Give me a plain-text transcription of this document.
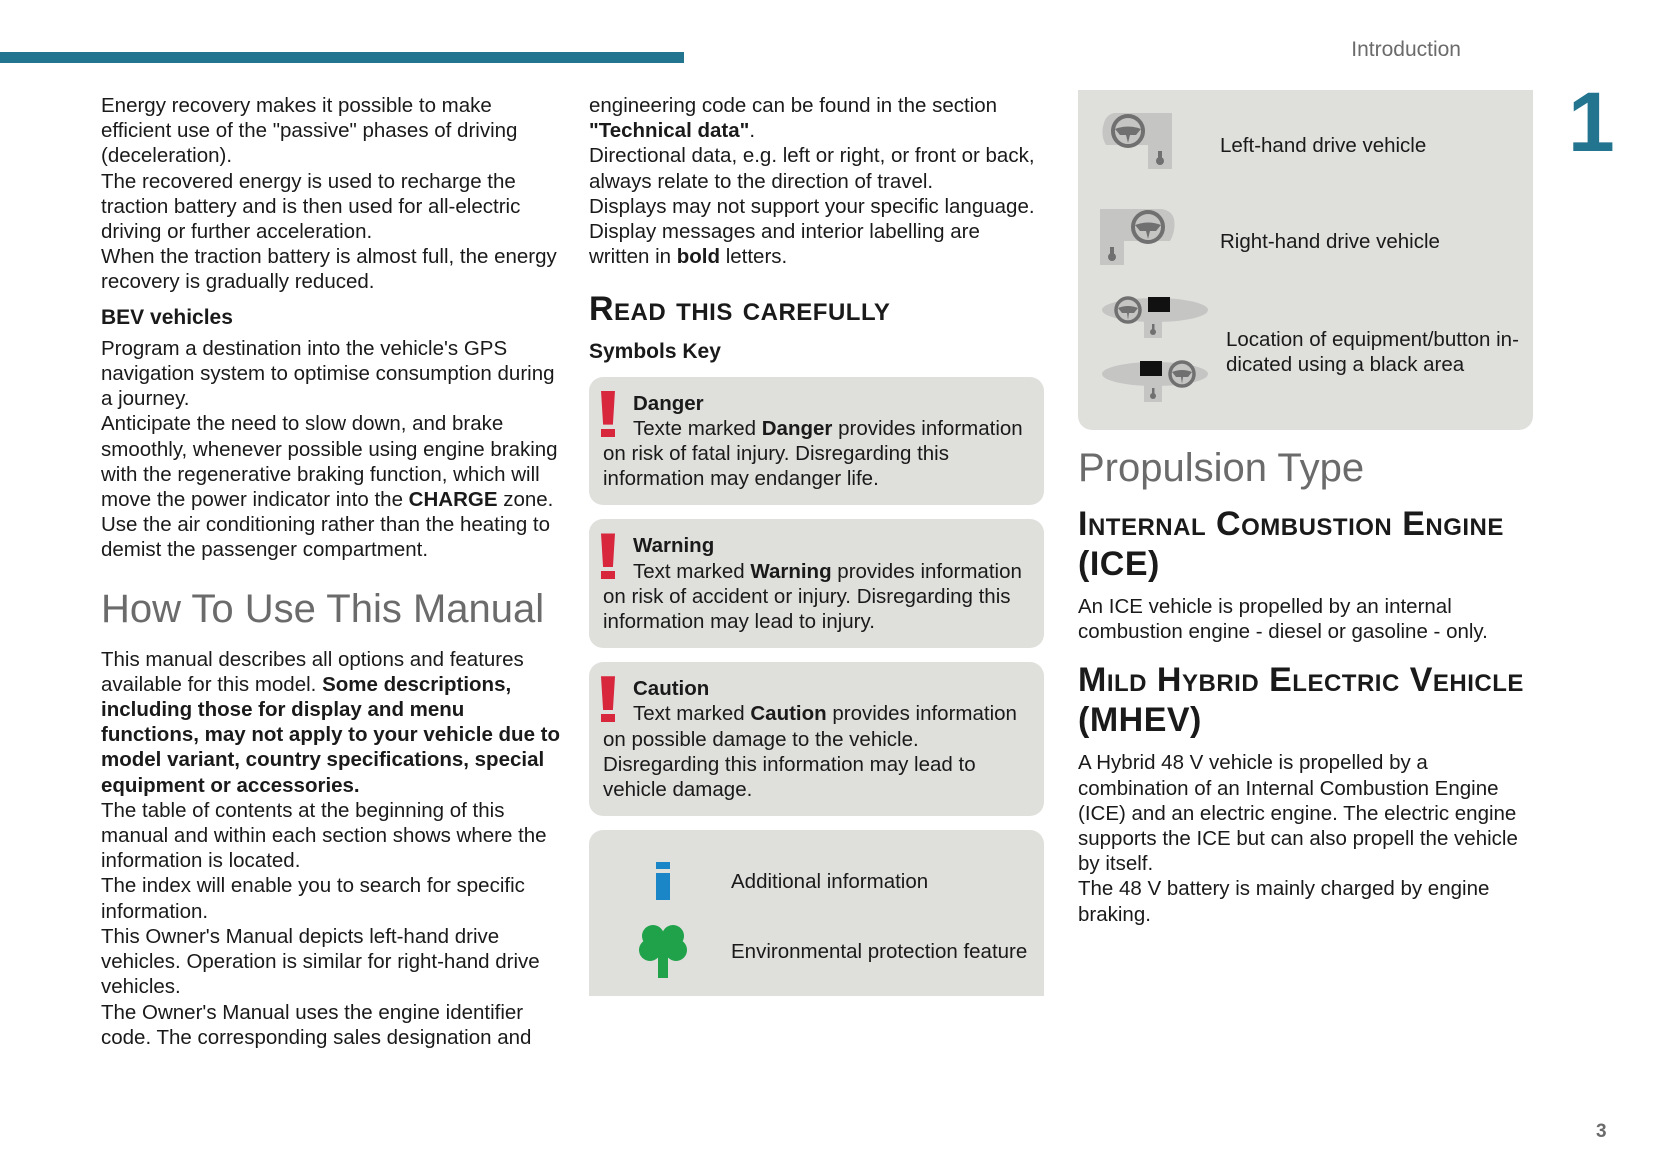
Introduction
1
3

Energy recovery makes it possible to make efficient use of the "passive" phases of driving (deceleration).

The recovered energy is used to recharge the traction battery and is then used for all-electric driving or further acceleration.

When the traction battery is almost full, the energy recovery is gradually reduced.

BEV vehicles

Program a destination into the vehicle's GPS navigation system to optimise consumption during a journey.

Anticipate the need to slow down, and brake smoothly, whenever possible using engine braking with the regenerative braking function, which will move the power indicator into the CHARGE zone.

Use the air conditioning rather than the heating to demist the passenger compartment.

How To Use This Manual

This manual describes all options and features available for this model. Some descriptions, including those for display and menu functions, may not apply to your vehicle due to model variant, country specifications, special equipment or accessories.

The table of contents at the beginning of this manual and within each section shows where the information is located.

The index will enable you to search for specific information.

This Owner's Manual depicts left-hand drive vehicles. Operation is similar for right-hand drive vehicles.

The Owner's Manual uses the engine identifier code. The corresponding sales designation and

engineering code can be found in the section "Technical data".

Directional data, e.g. left or right, or front or back, always relate to the direction of travel.

Displays may not support your specific language.

Display messages and interior labelling are written in bold letters.

Read this carefully
Symbols Key
Danger
Texte marked Danger provides information on risk of fatal injury. Disregarding this information may endanger life.
Warning
Text marked Warning provides information on risk of accident or injury. Disregarding this information may lead to injury.
Caution
Text marked Caution provides information on possible damage to the vehicle. Disregarding this information may lead to vehicle damage.
Additional information
Environmental protection feature
Left-hand drive vehicle
Right-hand drive vehicle
Location of equipment/button in-dicated using a black area
Propulsion Type
Internal Combustion Engine (ICE)

An ICE vehicle is propelled by an internal combustion engine - diesel or gasoline - only.

Mild Hybrid Electric Vehicle (MHEV)

A Hybrid 48 V vehicle is propelled by a combination of an Internal Combustion Engine (ICE) and an electric engine. The electric engine supports the ICE but can also propell the vehicle by itself.

The 48 V battery is mainly charged by engine braking.
